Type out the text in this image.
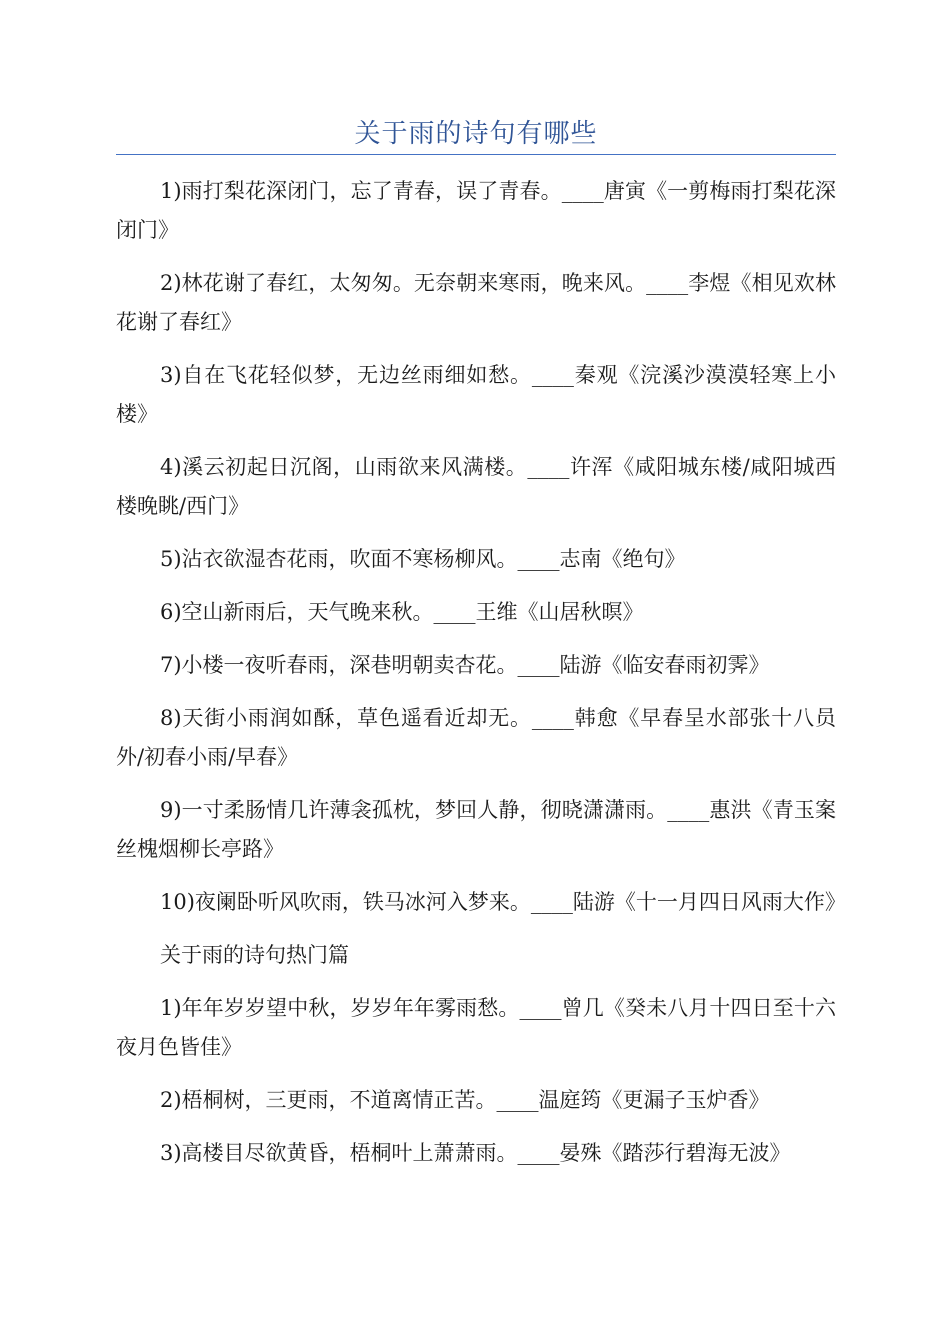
关于雨的诗句有哪些

1)雨打梨花深闭门，忘了青春，误了青春。____唐寅《一剪梅雨打梨花深闭门》

2)林花谢了春红，太匆匆。无奈朝来寒雨，晚来风。____李煜《相见欢林花谢了春红》

3)自在飞花轻似梦，无边丝雨细如愁。____秦观《浣溪沙漠漠轻寒上小楼》

4)溪云初起日沉阁，山雨欲来风满楼。____许浑《咸阳城东楼/咸阳城西楼晚眺/西门》

5)沾衣欲湿杏花雨，吹面不寒杨柳风。____志南《绝句》

6)空山新雨后，天气晚来秋。____王维《山居秋暝》

7)小楼一夜听春雨，深巷明朝卖杏花。____陆游《临安春雨初霁》

8)天街小雨润如酥，草色遥看近却无。____韩愈《早春呈水部张十八员外/初春小雨/早春》

9)一寸柔肠情几许薄衾孤枕，梦回人静，彻晓潇潇雨。____惠洪《青玉案丝槐烟柳长亭路》

10)夜阑卧听风吹雨，铁马冰河入梦来。____陆游《十一月四日风雨大作》

关于雨的诗句热门篇

1)年年岁岁望中秋，岁岁年年雾雨愁。____曾几《癸未八月十四日至十六夜月色皆佳》

2)梧桐树，三更雨，不道离情正苦。____温庭筠《更漏子玉炉香》

3)高楼目尽欲黄昏，梧桐叶上萧萧雨。____晏殊《踏莎行碧海无波》
